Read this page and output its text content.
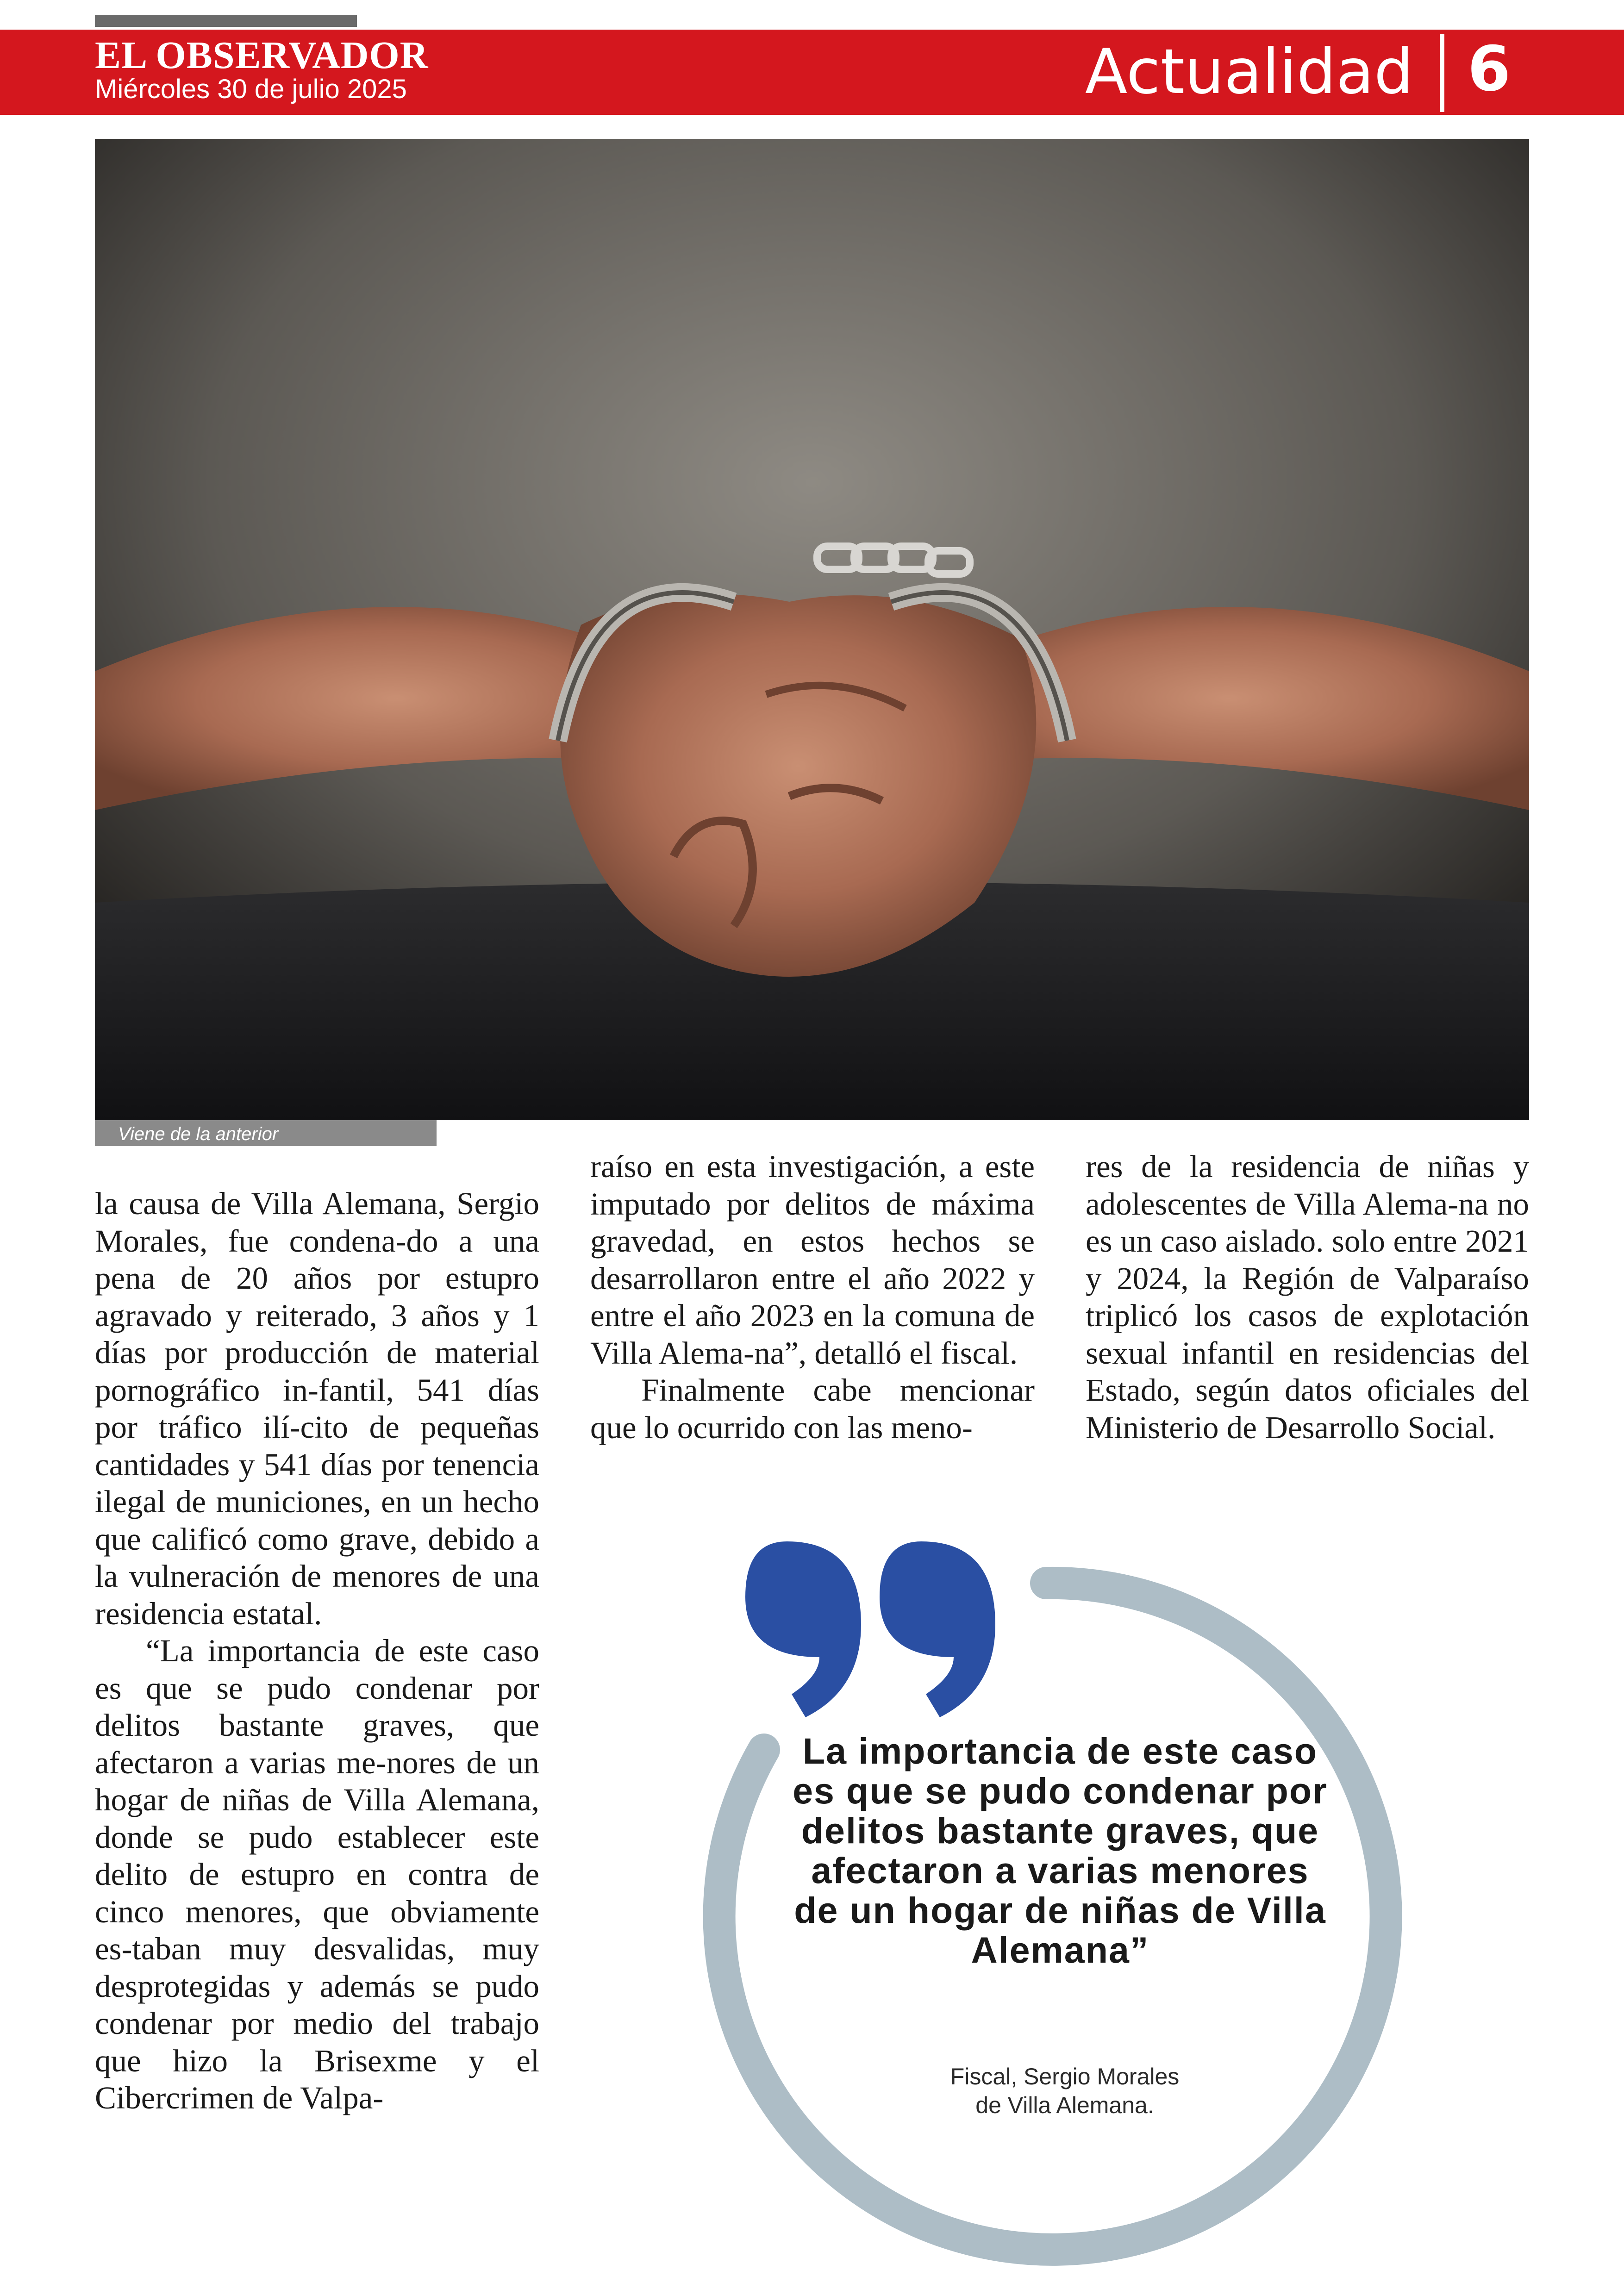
EL OBSERVADOR
Miércoles 30 de julio 2025	Actualidad 6
Viene de la anterior

la causa de Villa Alemana, Sergio Morales, fue condena-do a una pena de 20 años por estupro agravado y reiterado, 3 años y 1 días por producción de material pornográfico in-fantil, 541 días por tráfico ilí-cito de pequeñas cantidades y 541 días por tenencia ilegal de municiones, en un hecho que calificó como grave, debido a la vulneración de menores de una residencia estatal.

“La importancia de este caso es que se pudo condenar por delitos bastante graves, que afectaron a varias me-nores de un hogar de niñas de Villa Alemana, donde se pudo establecer este delito de estupro en contra de cinco menores, que obviamente es-taban muy desvalidas, muy desprotegidas y además se pudo condenar por medio del trabajo que hizo la Brisexme y el Cibercrimen de Valpa-

raíso en esta investigación, a este imputado por delitos de máxima gravedad, en estos hechos se desarrollaron entre el año 2022 y entre el año 2023 en la comuna de Villa Alema-na”, detalló el fiscal.

Finalmente cabe mencionar que lo ocurrido con las meno-

res de la residencia de niñas y adolescentes de Villa Alema-na no es un caso aislado. solo entre 2021 y 2024, la Región de Valparaíso triplicó los casos de explotación sexual infantil en residencias del Estado, según datos oficiales del Ministerio de Desarrollo Social.

La importancia de este caso es que se pudo condenar por delitos bastante graves, que afectaron a varias menores de un hogar de niñas de Villa Alemana”
Fiscal, Sergio Morales
de Villa Alemana.
